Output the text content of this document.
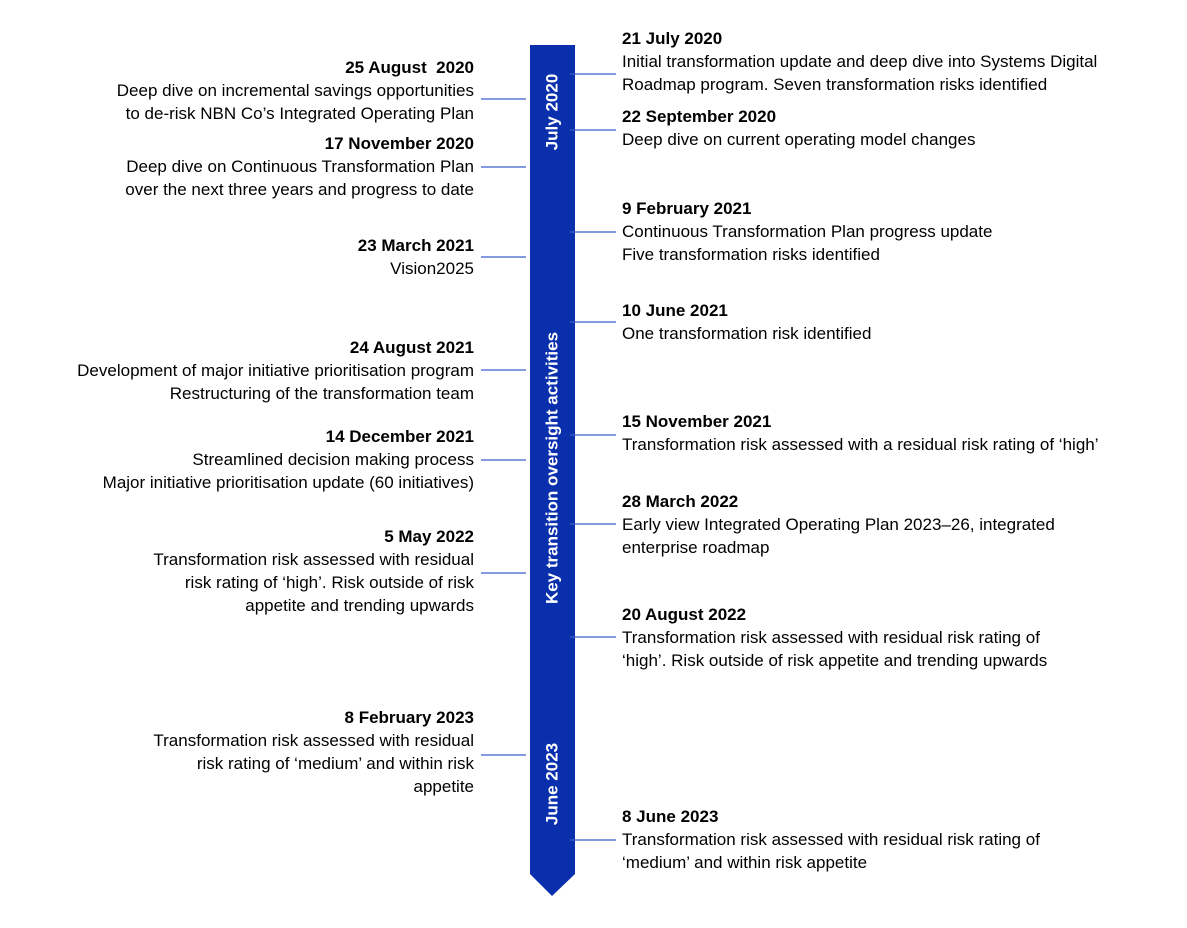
July 2020
Key transition oversight activities
June 2023
25 August  2020
Deep dive on incremental savings opportunities
to de-risk NBN Co’s Integrated Operating Plan
17 November 2020
Deep dive on Continuous Transformation Plan
over the next three years and progress to date
23 March 2021
Vision2025
24 August 2021
Development of major initiative prioritisation program
Restructuring of the transformation team
14 December 2021
Streamlined decision making process
Major initiative prioritisation update (60 initiatives)
5 May 2022
Transformation risk assessed with residual
risk rating of ‘high’. Risk outside of risk
appetite and trending upwards
8 February 2023
Transformation risk assessed with residual
risk rating of ‘medium’ and within risk
appetite
21 July 2020
Initial transformation update and deep dive into Systems Digital
Roadmap program. Seven transformation risks identified
22 September 2020
Deep dive on current operating model changes
9 February 2021
Continuous Transformation Plan progress update
Five transformation risks identified
10 June 2021
One transformation risk identified
15 November 2021
Transformation risk assessed with a residual risk rating of ‘high’
28 March 2022
Early view Integrated Operating Plan 2023–26, integrated
enterprise roadmap
20 August 2022
Transformation risk assessed with residual risk rating of
‘high’. Risk outside of risk appetite and trending upwards
8 June 2023
Transformation risk assessed with residual risk rating of
‘medium’ and within risk appetite
